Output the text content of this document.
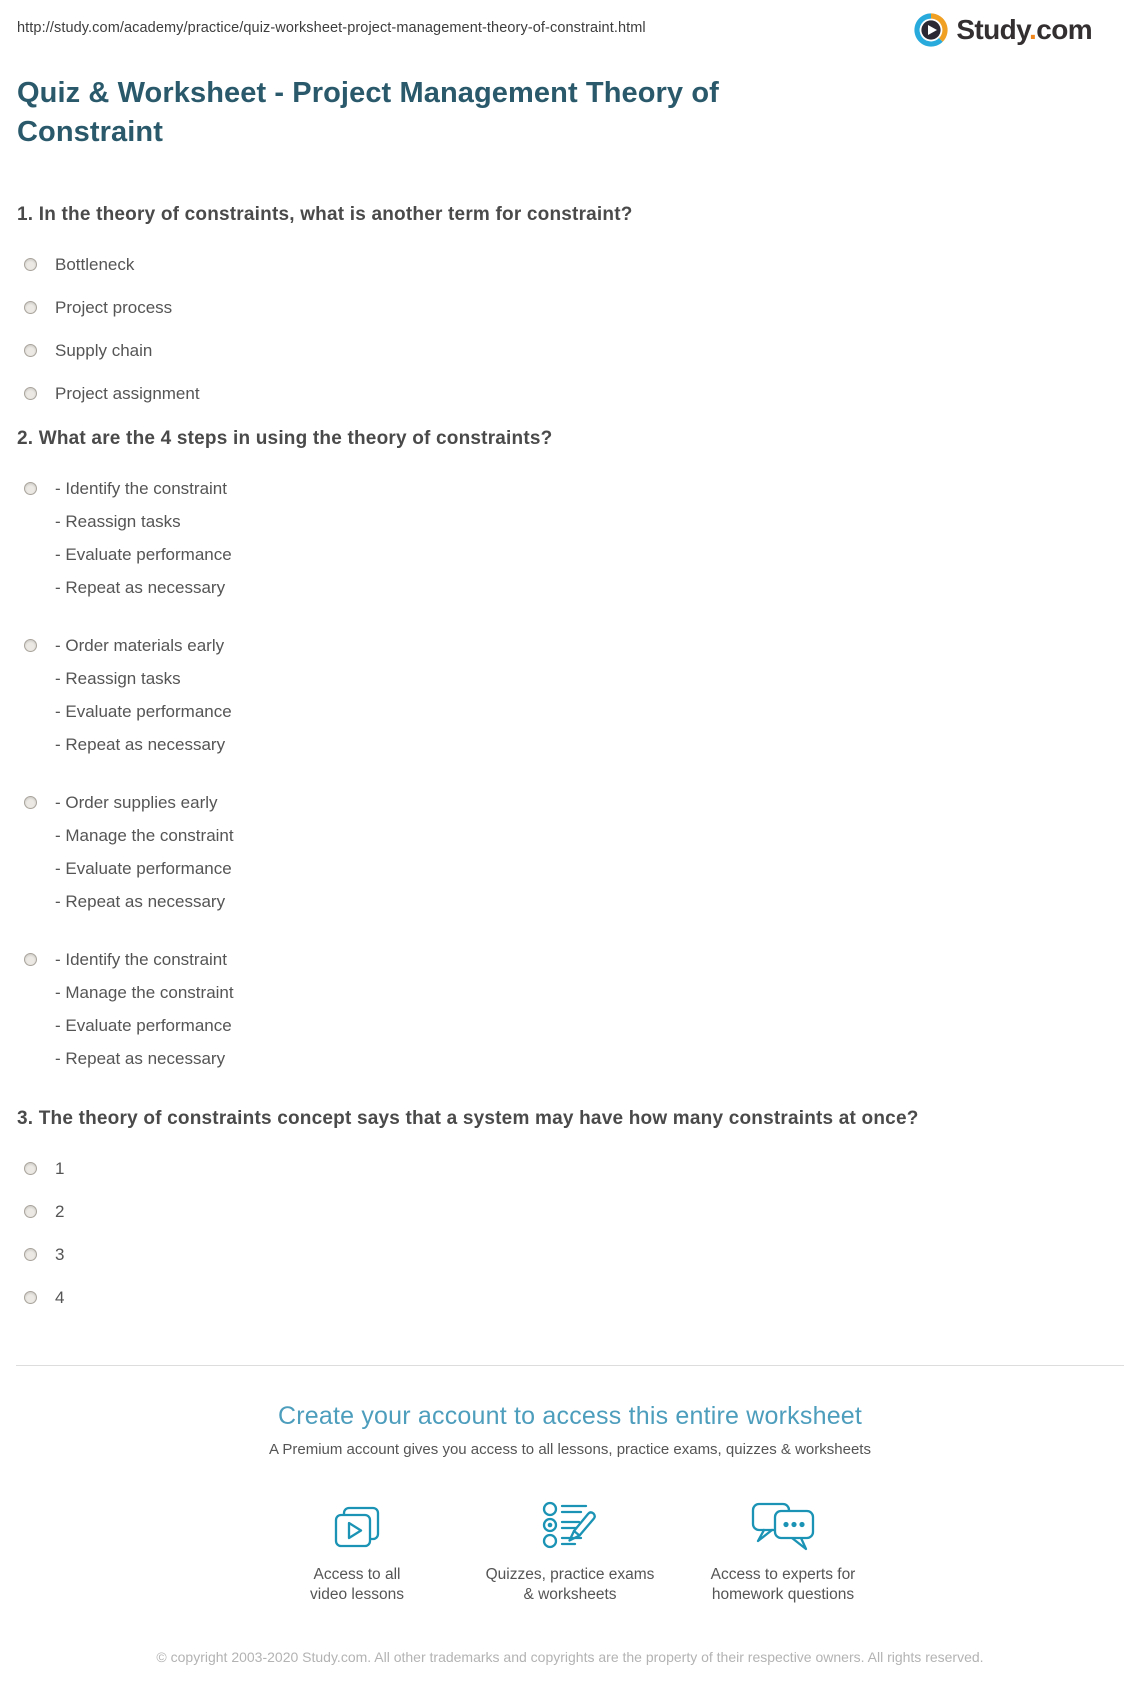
http://study.com/academy/practice/quiz-worksheet-project-management-theory-of-constraint.html	Study.com
Quiz & Worksheet - Project Management Theory of Constraint
1. In the theory of constraints, what is another term for constraint?

Bottleneck

Project process

Supply chain

Project assignment

2. What are the 4 steps in using the theory of constraints?

- Identify the constraint

- Reassign tasks

- Evaluate performance

- Repeat as necessary

- Order materials early

- Reassign tasks

- Evaluate performance

- Repeat as necessary

- Order supplies early

- Manage the constraint

- Evaluate performance

- Repeat as necessary

- Identify the constraint

- Manage the constraint

- Evaluate performance

- Repeat as necessary

3. The theory of constraints concept says that a system may have how many constraints at once?

1

2

3

4

Create your account to access this entire worksheet
A Premium account gives you access to all lessons, practice exams, quizzes & worksheets
Access to all
video lessons
Quizzes, practice exams
& worksheets
Access to experts for
homework questions
© copyright 2003-2020 Study.com. All other trademarks and copyrights are the property of their respective owners. All rights reserved.
